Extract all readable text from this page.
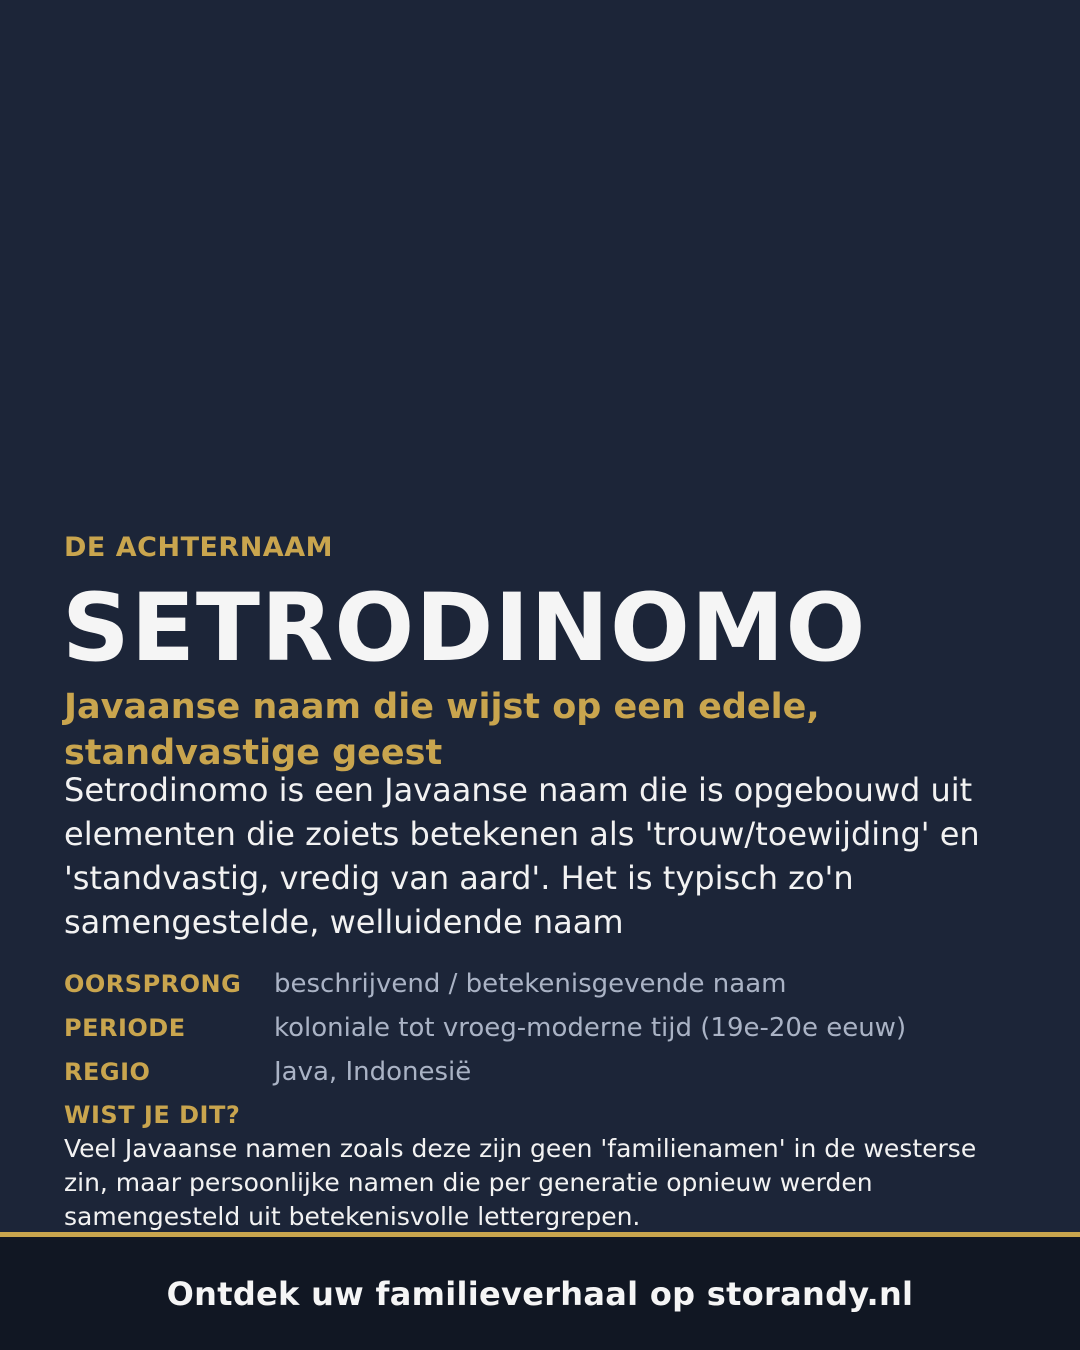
DE ACHTERNAAM
SETRODINOMO
Javaanse naam die wijst op een edele, standvastige geest
Setrodinomo is een Javaanse naam die is opgebouwd uit elementen die zoiets betekenen als 'trouw/toewijding' en 'standvastig, vredig van aard'. Het is typisch zo'n samengestelde, welluidende naam
OORSPRONG	beschrijvend / betekenisgevende naam
PERIODE	koloniale tot vroeg-moderne tijd (19e-20e eeuw)
REGIO	Java, Indonesië
WIST JE DIT?
Veel Javaanse namen zoals deze zijn geen 'familienamen' in de westerse zin, maar persoonlijke namen die per generatie opnieuw werden samengesteld uit betekenisvolle lettergrepen.
Ontdek uw familieverhaal op storandy.nl
